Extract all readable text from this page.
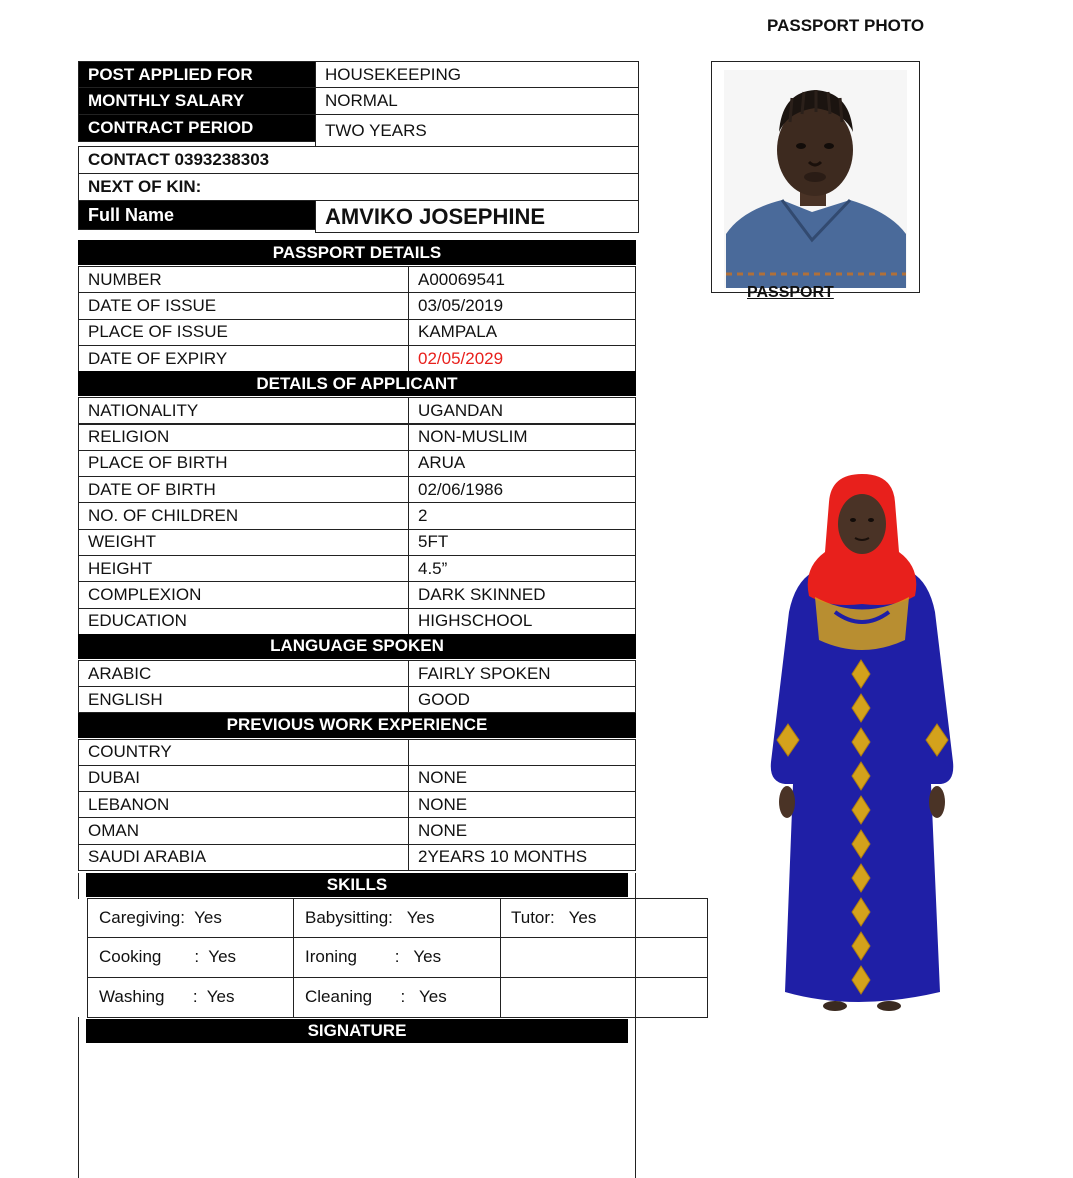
PASSPORT PHOTO
POST APPLIED FOR	HOUSEKEEPING
MONTHLY SALARY	NORMAL
CONTRACT PERIOD	TWO YEARS
CONTACT 0393238303
NEXT OF KIN:
Full Name	AMVIKO JOSEPHINE
PASSPORT DETAILS
NUMBER	A00069541
DATE OF ISSUE	03/05/2019
PLACE OF ISSUE	KAMPALA
DATE OF EXPIRY	02/05/2029
DETAILS OF APPLICANT
NATIONALITY	UGANDAN
RELIGION	NON-MUSLIM
PLACE OF BIRTH	ARUA
DATE OF BIRTH	02/06/1986
NO. OF CHILDREN	2
WEIGHT	5FT
HEIGHT	4.5”
COMPLEXION	DARK SKINNED
EDUCATION	HIGHSCHOOL
LANGUAGE SPOKEN
ARABIC	FAIRLY SPOKEN
ENGLISH	GOOD
PREVIOUS WORK EXPERIENCE
COUNTRY
DUBAI	NONE
LEBANON	NONE
OMAN	NONE
SAUDI ARABIA	2YEARS 10 MONTHS
SKILLS
Caregiving:  Yes	Babysitting:   Yes	Tutor:   Yes
Cooking       :  Yes	Ironing        :   Yes
Washing      :  Yes	Cleaning      :   Yes
SIGNATURE
PASSPORT
